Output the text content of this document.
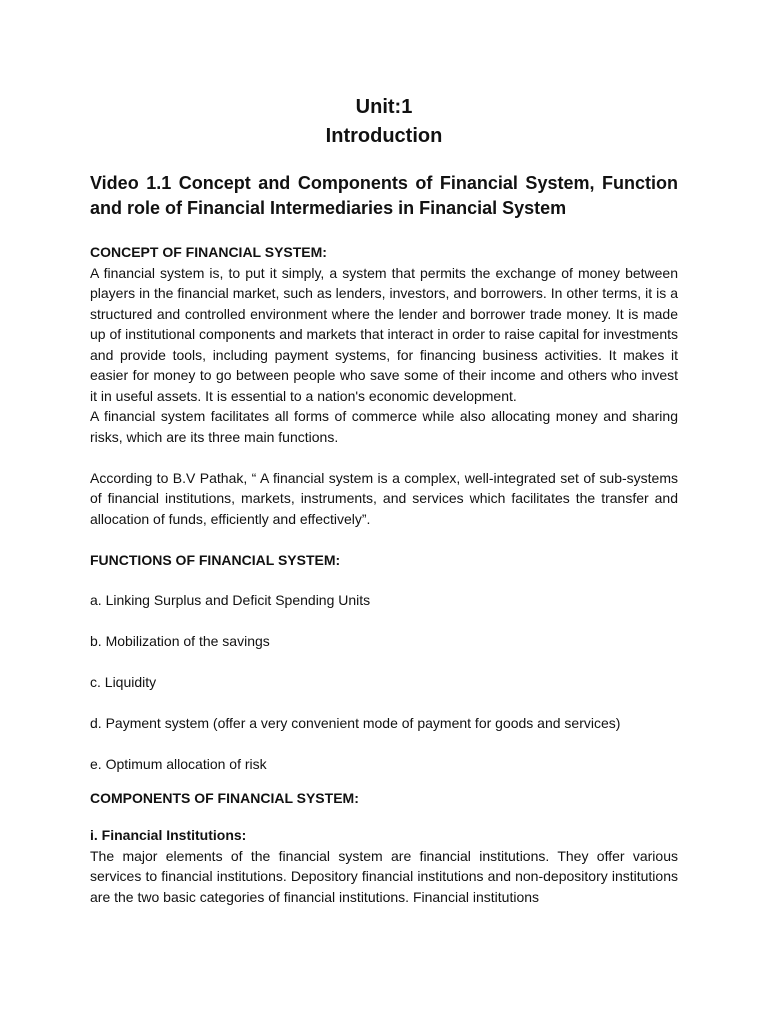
Unit:1
Introduction
Video 1.1 Concept and Components of Financial System, Function and role of Financial Intermediaries in Financial System

CONCEPT OF FINANCIAL SYSTEM:

A financial system is, to put it simply, a system that permits the exchange of money between players in the financial market, such as lenders, investors, and borrowers. In other terms, it is a structured and controlled environment where the lender and borrower trade money. It is made up of institutional components and markets that interact in order to raise capital for investments and provide tools, including payment systems, for financing business activities. It makes it easier for money to go between people who save some of their income and others who invest it in useful assets. It is essential to a nation's economic development.

A financial system facilitates all forms of commerce while also allocating money and sharing risks, which are its three main functions.

According to B.V Pathak, “ A financial system is a complex, well-integrated set of sub-systems of financial institutions, markets, instruments, and services which facilitates the transfer and allocation of funds, efficiently and effectively”.

FUNCTIONS OF FINANCIAL SYSTEM:

a. Linking Surplus and Deficit Spending Units

b. Mobilization of the savings

c. Liquidity

d. Payment system (offer a very convenient mode of payment for goods and services)

e. Optimum allocation of risk

COMPONENTS OF FINANCIAL SYSTEM:

i. Financial Institutions:

The major elements of the financial system are financial institutions. They offer various services to financial institutions. Depository financial institutions and non-depository institutions are the two basic categories of financial institutions. Financial institutions
